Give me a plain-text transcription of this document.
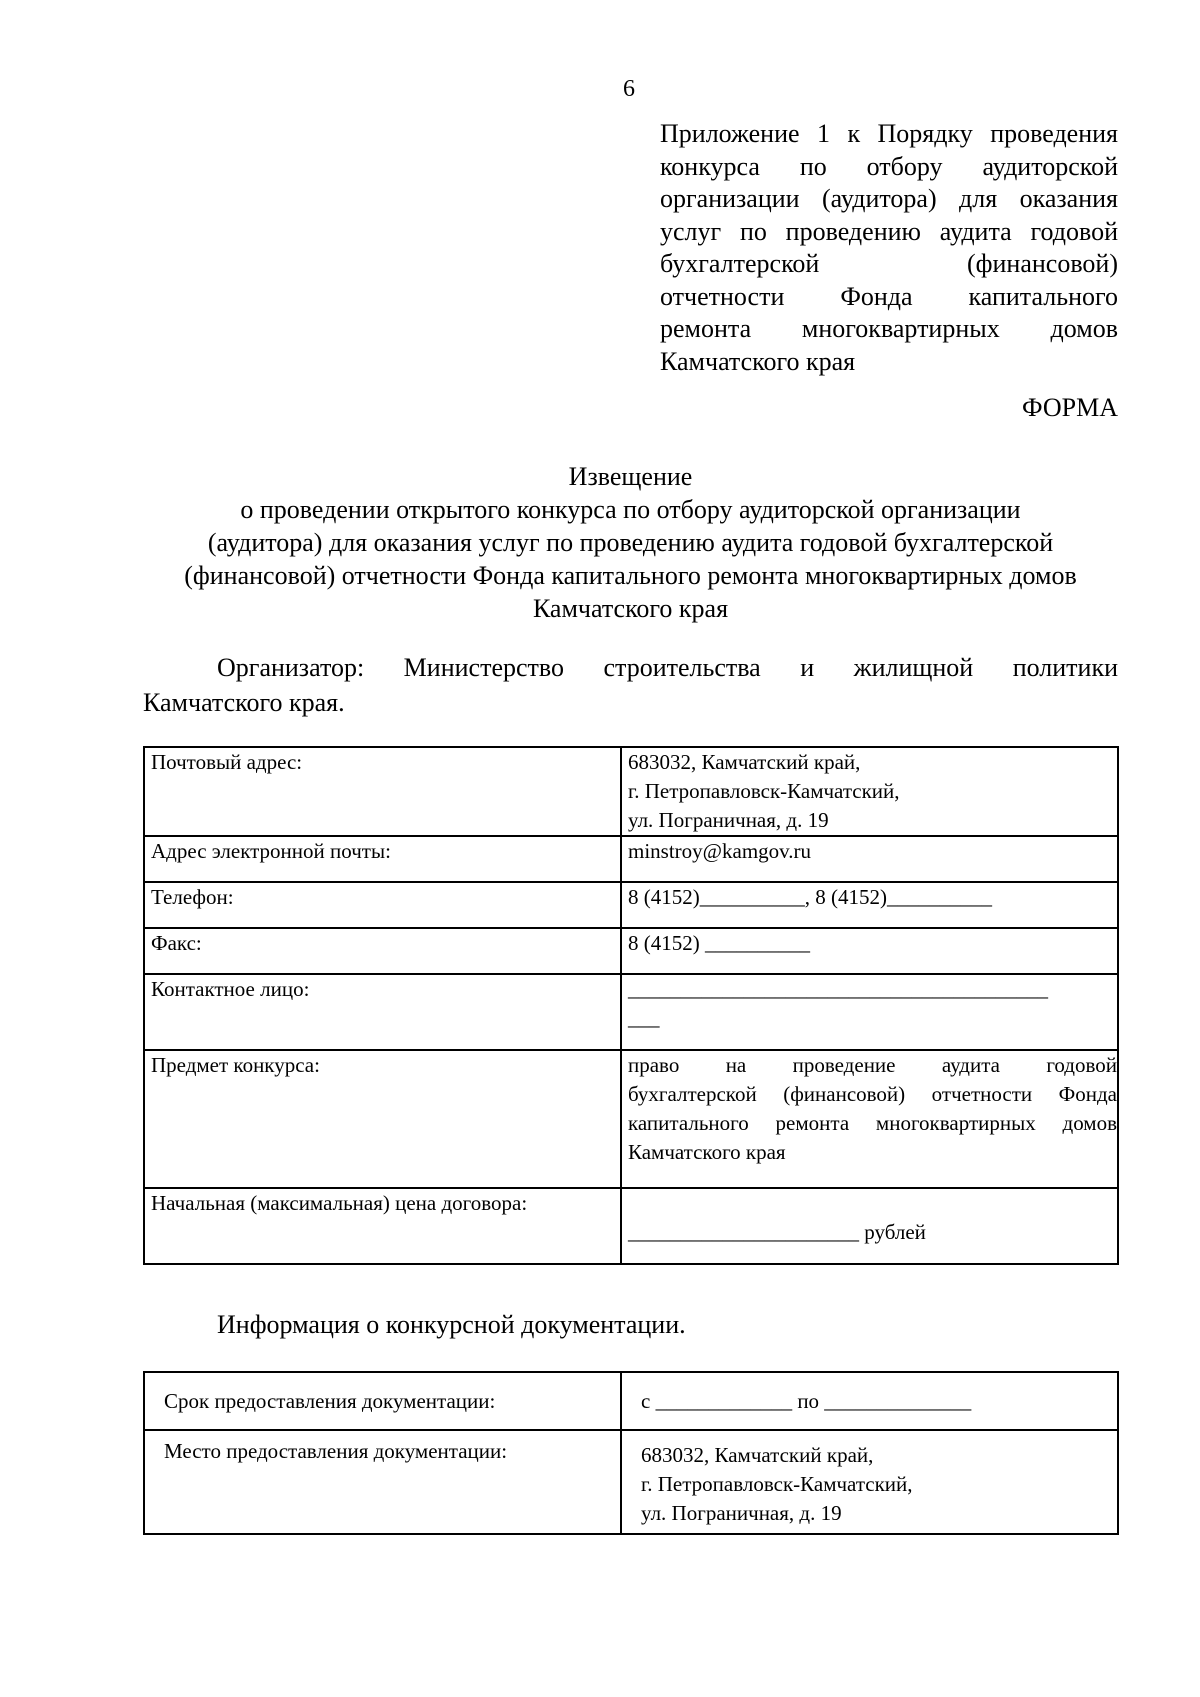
6
Приложение 1 к Порядку проведения
конкурса по отбору аудиторской
организации (аудитора) для оказания
услуг по проведению аудита годовой
бухгалтерской (финансовой)
отчетности Фонда капитального
ремонта многоквартирных домов
Камчатского края
ФОРМА
Извещение
о проведении открытого конкурса по отбору аудиторской организации
(аудитора) для оказания услуг по проведению аудита годовой бухгалтерской
(финансовой) отчетности Фонда капитального ремонта многоквартирных домов
Камчатского края
Организатор: Министерство строительства и жилищной политики
Камчатского края.
Почтовый адрес:	683032, Камчатский край,
г. Петропавловск-Камчатский,
ул. Пограничная, д. 19

Адрес электронной почты:	minstroy@kamgov.ru

Телефон:	8 (4152)__________, 8 (4152)__________

Факс:	8 (4152) __________

Контактное лицо:	________________________________________
___

Предмет конкурса:	право на проведение аудита годовой
бухгалтерской (финансовой) отчетности Фонда
капитального ремонта многоквартирных домов
Камчатского края

Начальная (максимальная) цена договора:	______________________ рублей
Информация о конкурсной документации.
Срок предоставления документации:	с _____________ по ______________

Место предоставления документации:	683032, Камчатский край,
г. Петропавловск-Камчатский,
ул. Пограничная, д. 19
